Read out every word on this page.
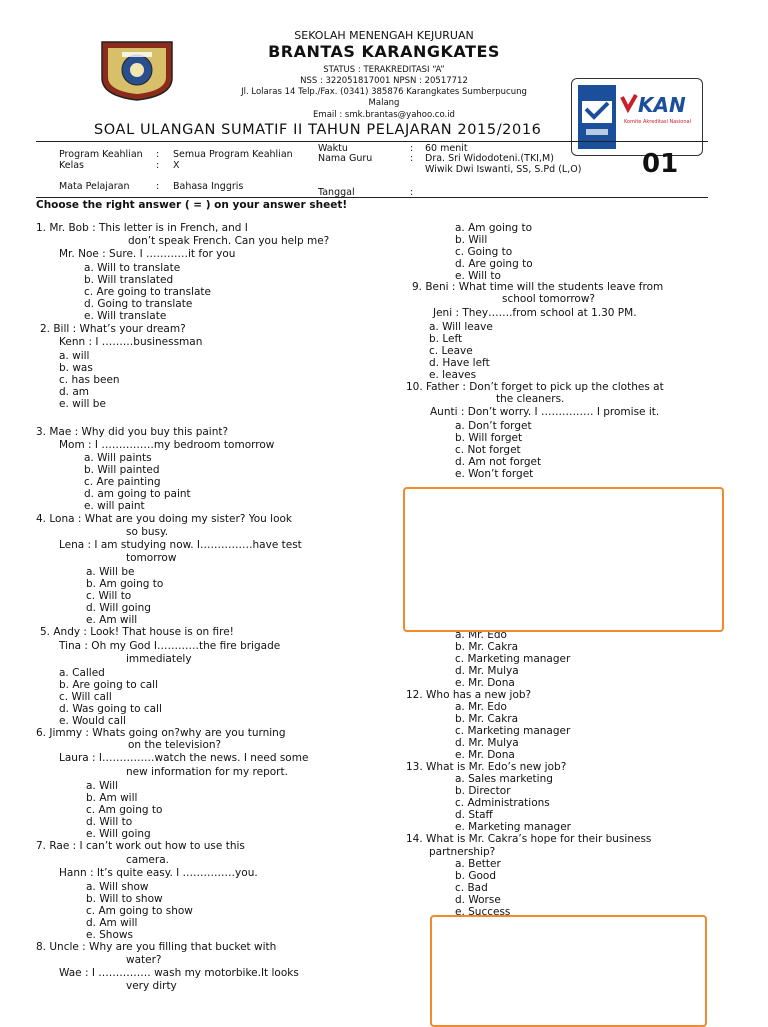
SEKOLAH MENENGAH KEJURUAN
BRANTAS KARANGKATES
STATUS : TERAKREDITASI “A”
NSS : 322051817001 NPSN : 20517712
Jl. Lolaras 14 Telp./Fax. (0341) 385876 Karangkates Sumberpucung
Malang
Email : smk.brantas@yahoo.co.id	KAN
Komite Akreditasi Nasional
SOAL ULANGAN SUMATIF II TAHUN PELAJARAN 2015/2016
Program Keahlian : Semua Program Keahlian
Kelas	: X
Mata Pelajaran	: Bahasa Inggris
Waktu	: 60 menit
Nama Guru	: Dra. Sri Widodoteni.(TKI,M)
Wiwik Dwi Iswanti, SS, S.Pd (L,O)
Tanggal	:
01
Choose the right answer ( = ) on your answer sheet!
1. Mr. Bob : This letter is in French, and I
don’t speak French. Can you help me?
Mr. Noe : Sure. I …………it for you
a. Will to translate
b. Will translated
c. Are going to translate
d. Going to translate
e. Will translate
2. Bill : What’s your dream?
Kenn : I ………businessman
a. will
b. was
c. has been
d. am
e. will be
3. Mae : Why did you buy this paint?
Mom : I ……………my bedroom tomorrow
a. Will paints
b. Will painted
c. Are painting
d. am going to paint
e. will paint
4. Lona : What are you doing my sister? You look
so busy.
Lena : I am studying now. I……………have test
tomorrow
a. Will be
b. Am going to
c. Will to
d. Will going
e. Am will
5. Andy : Look! That house is on fire!
Tina : Oh my God I…………the fire brigade
immediately
a. Called
b. Are going to call
c. Will call
d. Was going to call
e. Would call
6. Jimmy : Whats going on?why are you turning
on the television?
Laura : I……………watch the news. I need some
new information for my report.
a. Will
b. Am will
c. Am going to
d. Will to
e. Will going
7. Rae : I can’t work out how to use this
camera.
Hann : It’s quite easy. I ……………you.
a. Will show
b. Will to show
c. Am going to show
d. Am will
e. Shows
8. Uncle : Why are you filling that bucket with
water?
Wae : I …………… wash my motorbike.It looks
very dirty
a. Am going to
b. Will
c. Going to
d. Are going to
e. Will to
9. Beni : What time will the students leave from
school tomorrow?
Jeni : They…….from school at 1.30 PM.
a. Will leave
b. Left
c. Leave
d. Have left
e. leaves
10. Father : Don’t forget to pick up the clothes at
the cleaners.
Aunti : Don’t worry. I …………… I promise it.
a. Don’t forget
b. Will forget
c. Not forget
d. Am not forget
e. Won’t forget
a. Mr. Edo
b. Mr. Cakra
c. Marketing manager
d. Mr. Mulya
e. Mr. Dona
12. Who has a new job?
a. Mr. Edo
b. Mr. Cakra
c. Marketing manager
d. Mr. Mulya
e. Mr. Dona
13. What is Mr. Edo’s new job?
a. Sales marketing
b. Director
c. Administrations
d. Staff
e. Marketing manager
14. What is Mr. Cakra’s hope for their business
partnership?
a. Better
b. Good
c. Bad
d. Worse
e. Success
